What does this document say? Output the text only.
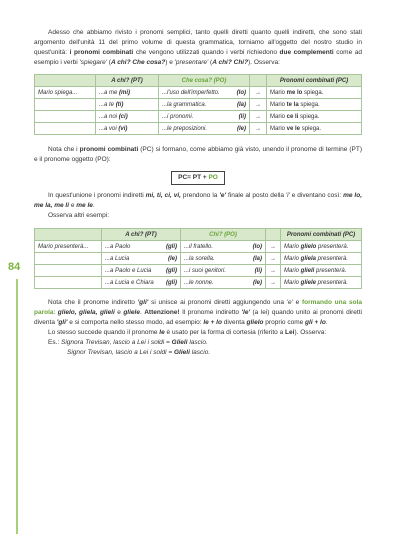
84

Adesso che abbiamo rivisto i pronomi semplici, tanto quelli diretti quanto quelli indiretti, che sono stati argomento dell'unità 11 del primo volume di questa grammatica, torniamo all'oggetto del nostro studio in quest'unità: i pronomi combinati che vengono utilizzati quando i verbi richiedono due complementi come ad esempio i verbi 'spiegare' (A chi? Che cosa?) e 'presentare' (A chi? Chi?). Osserva:

	A chi? (PT)	Che cosa? (PO)		Pronomi combinati (PC)
Mario spiega...	...a me (mi)	...l'uso dell'imperfetto. (lo)	→	Mario me lo spiega.
	...a te (ti)	...la grammatica. (la)	→	Mario te la spiega.
	...a noi (ci)	...i pronomi. (li)	→	Mario ce li spiega.
	...a voi (vi)	...le preposizioni. (le)	→	Mario ve le spiega.

Nota che i pronomi combinati (PC) si formano, come abbiamo già visto, unendo il pronome di termine (PT) e il pronome oggetto (PO):

PC= PT + PO

In quest'unione i pronomi indiretti mi, ti, ci, vi, prendono la 'e' finale al posto della 'i' e diventano così: me lo, me la, me li e me le.

Osserva altri esempi:

	A chi? (PT)	Chi? (PO)		Pronomi combinati (PC)
Mario presenterà...	...a Paolo (gli)	...il fratello. (lo)	→	Mario glielo presenterà.
	...a Lucia (le)	...la sorella. (la)	→	Mario gliela presenterà.
	...a Paolo e Lucia (gli)	...i suoi genitori. (li)	→	Mario glieli presenterà.
	...a Lucia e Chiara (gli)	...le nonne. (le)	→	Mario gliele presenterà.

Nota che il pronome indiretto 'gli' si unisce ai pronomi diretti aggiungendo una 'e' e formando una sola parola: glielo, gliela, glieli e gliele. Attenzione! Il pronome indiretto 'le' (a lei) quando unito ai pronomi diretti diventa 'gli' e si comporta nello stesso modo, ad esempio: le + lo diventa glielo proprio come gli + lo.

Lo stesso succede quando il pronome le è usato per la forma di cortesia (riferito a Lei). Osserva:

Es.: Signora Trevisan, lascio a Lei i soldi = Glieli lascio.

Signor Trevisan, lascio a Lei i soldi = Glieli lascio.
